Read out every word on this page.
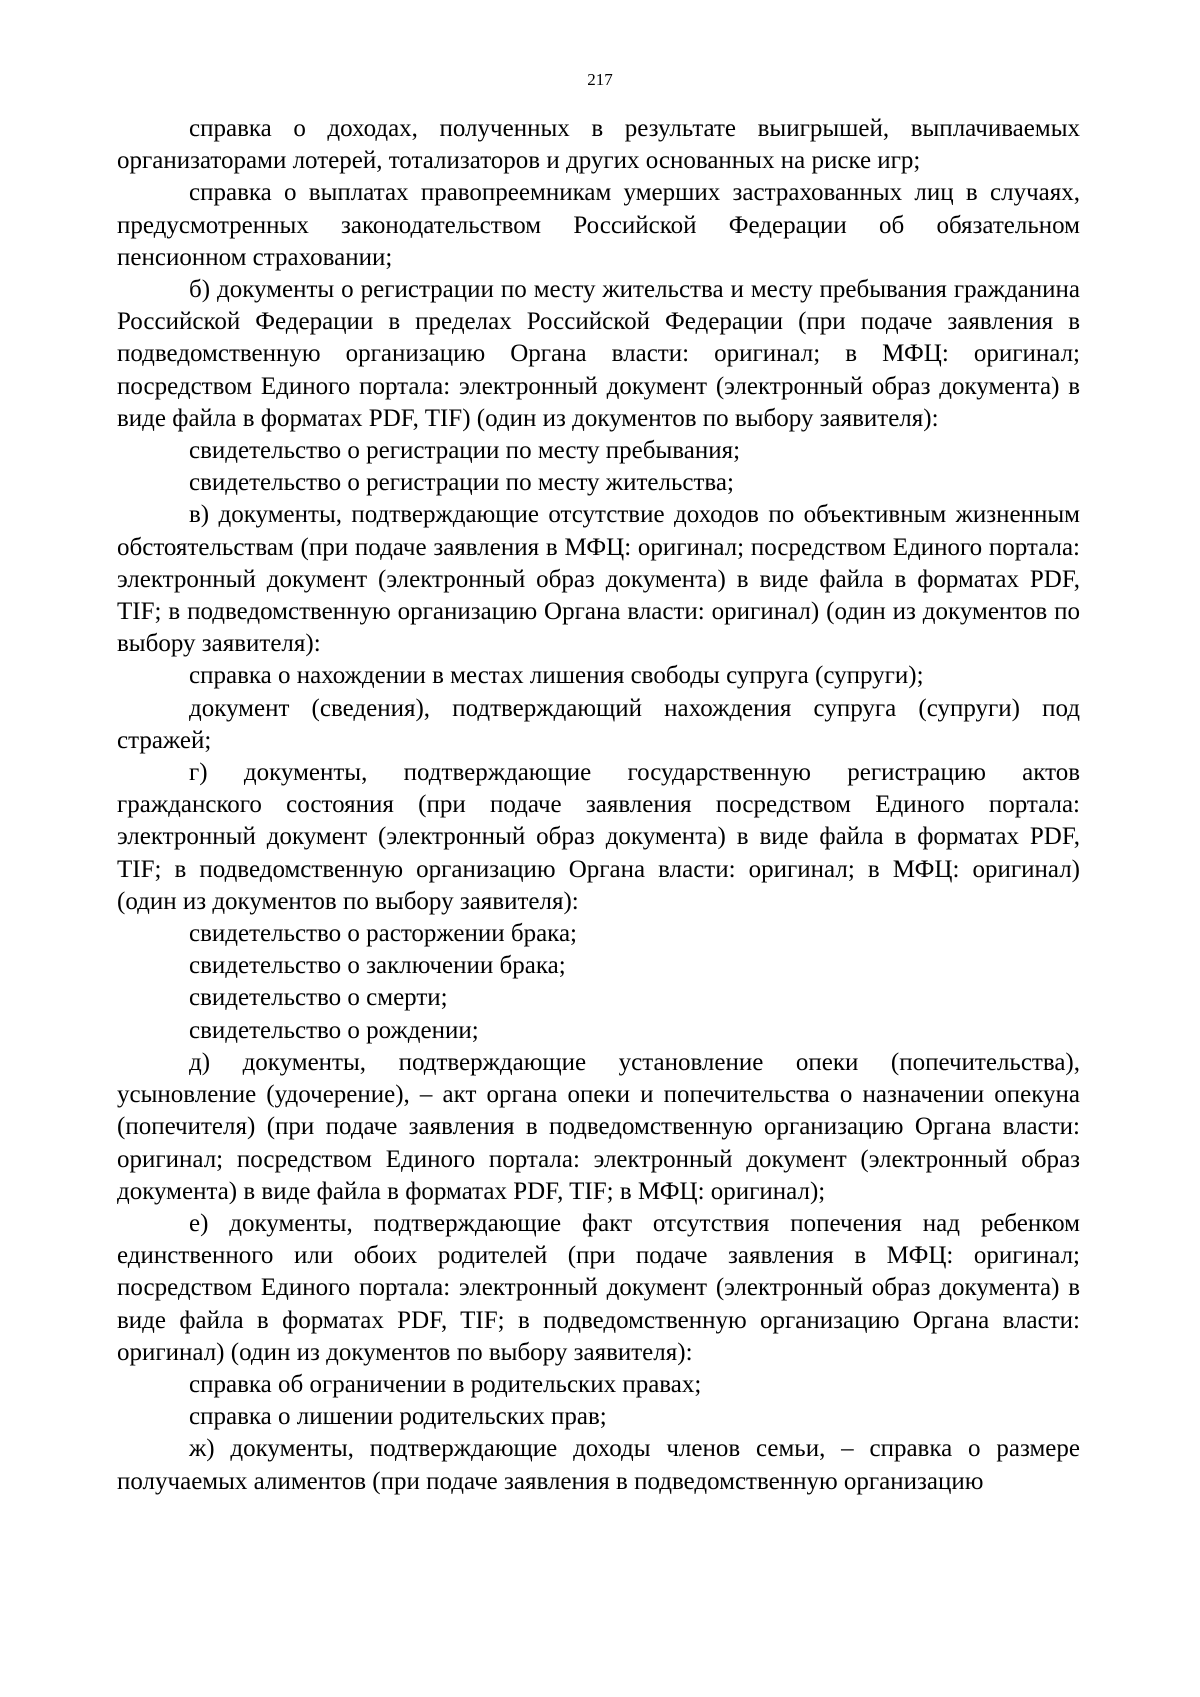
217

справка о доходах, полученных в результате выигрышей, выплачиваемых организаторами лотерей, тотализаторов и других основанных на риске игр;

справка о выплатах правопреемникам умерших застрахованных лиц в случаях, предусмотренных законодательством Российской Федерации об обязательном пенсионном страховании;

б) документы о регистрации по месту жительства и месту пребывания гражданина Российской Федерации в пределах Российской Федерации (при подаче заявления в подведомственную организацию Органа власти: оригинал; в МФЦ: оригинал; посредством Единого портала: электронный документ (электронный образ документа) в виде файла в форматах PDF, TIF) (один из документов по выбору заявителя):

свидетельство о регистрации по месту пребывания;

свидетельство о регистрации по месту жительства;

в) документы, подтверждающие отсутствие доходов по объективным жизненным обстоятельствам (при подаче заявления в МФЦ: оригинал; посредством Единого портала: электронный документ (электронный образ документа) в виде файла в форматах PDF, TIF; в подведомственную организацию Органа власти: оригинал) (один из документов по выбору заявителя):

справка о нахождении в местах лишения свободы супруга (супруги);

документ (сведения), подтверждающий нахождения супруга (супруги) под стражей;

г) документы, подтверждающие государственную регистрацию актов гражданского состояния (при подаче заявления посредством Единого портала: электронный документ (электронный образ документа) в виде файла в форматах PDF, TIF; в подведомственную организацию Органа власти: оригинал; в МФЦ: оригинал) (один из документов по выбору заявителя):

свидетельство о расторжении брака;

свидетельство о заключении брака;

свидетельство о смерти;

свидетельство о рождении;

д) документы, подтверждающие установление опеки (попечительства), усыновление (удочерение), – акт органа опеки и попечительства о назначении опекуна (попечителя) (при подаче заявления в подведомственную организацию Органа власти: оригинал; посредством Единого портала: электронный документ (электронный образ документа) в виде файла в форматах PDF, TIF; в МФЦ: оригинал);

е) документы, подтверждающие факт отсутствия попечения над ребенком единственного или обоих родителей (при подаче заявления в МФЦ: оригинал; посредством Единого портала: электронный документ (электронный образ документа) в виде файла в форматах PDF, TIF; в подведомственную организацию Органа власти: оригинал) (один из документов по выбору заявителя):

справка об ограничении в родительских правах;

справка о лишении родительских прав;

ж) документы, подтверждающие доходы членов семьи, – справка о размере получаемых алиментов (при подаче заявления в подведомственную организацию
